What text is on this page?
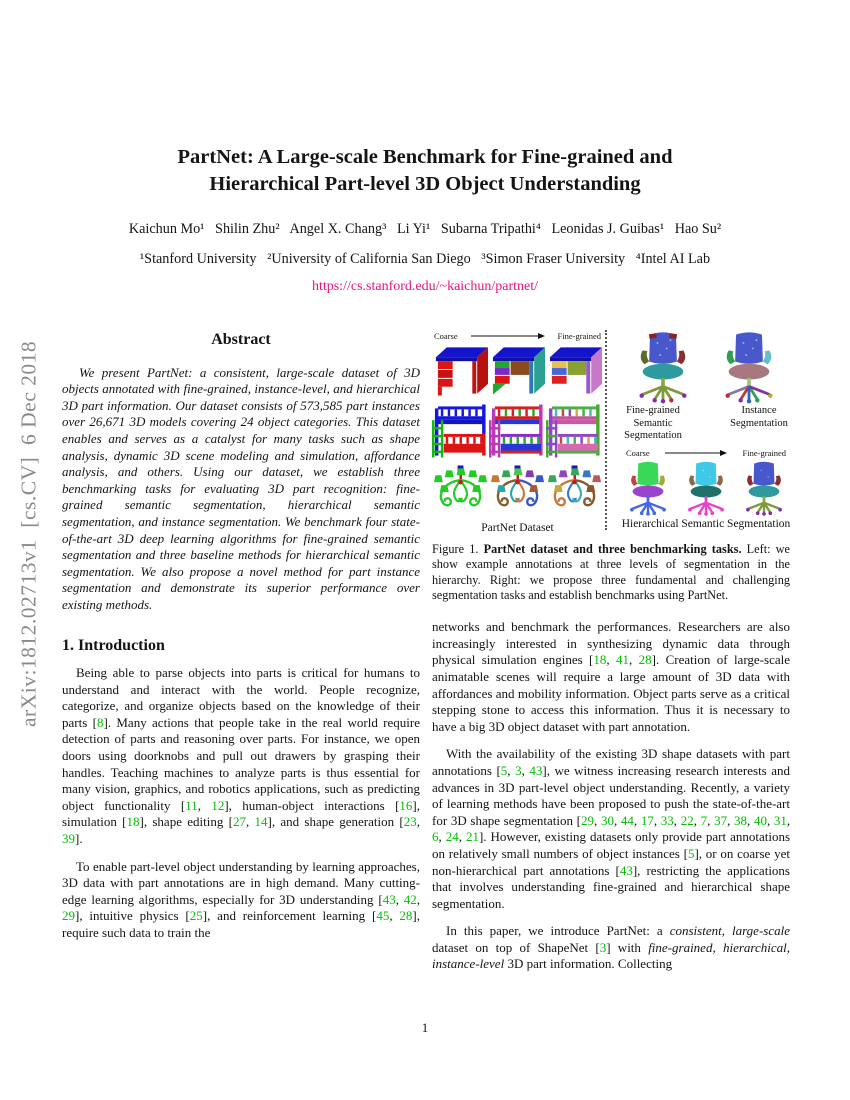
arXiv:1812.02713v1  [cs.CV]  6 Dec 2018
PartNet: A Large-scale Benchmark for Fine-grained and
Hierarchical Part-level 3D Object Understanding
Kaichun Mo¹   Shilin Zhu²   Angel X. Chang³   Li Yi¹   Subarna Tripathi⁴   Leonidas J. Guibas¹   Hao Su²
¹Stanford University   ²University of California San Diego   ³Simon Fraser University   ⁴Intel AI Lab
https://cs.stanford.edu/~kaichun/partnet/
Abstract

We present PartNet: a consistent, large-scale dataset of 3D objects annotated with fine-grained, instance-level, and hierarchical 3D part information. Our dataset consists of 573,585 part instances over 26,671 3D models covering 24 object categories. This dataset enables and serves as a catalyst for many tasks such as shape analysis, dynamic 3D scene modeling and simulation, affordance analysis, and others. Using our dataset, we establish three benchmarking tasks for evaluating 3D part recognition: fine-grained semantic segmentation, hierarchical semantic segmentation, and instance segmentation. We benchmark four state-of-the-art 3D deep learning algorithms for fine-grained semantic segmentation and three baseline methods for hierarchical semantic segmentation. We also propose a novel method for part instance segmentation and demonstrate its superior performance over existing methods.

1. Introduction

Being able to parse objects into parts is critical for humans to understand and interact with the world. People recognize, categorize, and organize objects based on the knowledge of their parts [8]. Many actions that people take in the real world require detection of parts and reasoning over parts. For instance, we open doors using doorknobs and pull out drawers by grasping their handles. Teaching machines to analyze parts is thus essential for many vision, graphics, and robotics applications, such as predicting object functionality [11, 12], human-object interactions [16], simulation [18], shape editing [27, 14], and shape generation [23, 39].

To enable part-level object understanding by learning approaches, 3D data with part annotations are in high demand. Many cutting-edge learning algorithms, especially for 3D understanding [43, 42, 29], intuitive physics [25], and reinforcement learning [45, 28], require such data to train the

Coarse	Fine-grained
PartNet Dataset
Fine-grained Semantic Segmentation
Instance Segmentation
Coarse	Fine-grained
Hierarchical Semantic Segmentation
Figure 1. PartNet dataset and three benchmarking tasks. Left: we show example annotations at three levels of segmentation in the hierarchy. Right: we propose three fundamental and challenging segmentation tasks and establish benchmarks using PartNet.

networks and benchmark the performances. Researchers are also increasingly interested in synthesizing dynamic data through physical simulation engines [18, 41, 28]. Creation of large-scale animatable scenes will require a large amount of 3D data with affordances and mobility information. Object parts serve as a critical stepping stone to access this information. Thus it is necessary to have a big 3D object dataset with part annotation.

With the availability of the existing 3D shape datasets with part annotations [5, 3, 43], we witness increasing research interests and advances in 3D part-level object understanding. Recently, a variety of learning methods have been proposed to push the state-of-the-art for 3D shape segmentation [29, 30, 44, 17, 33, 22, 7, 37, 38, 40, 31, 6, 24, 21]. However, existing datasets only provide part annotations on relatively small numbers of object instances [5], or on coarse yet non-hierarchical part annotations [43], restricting the applications that involves understanding fine-grained and hierarchical shape segmentation.

In this paper, we introduce PartNet: a consistent, large-scale dataset on top of ShapeNet [3] with fine-grained, hierarchical, instance-level 3D part information. Collecting

1
